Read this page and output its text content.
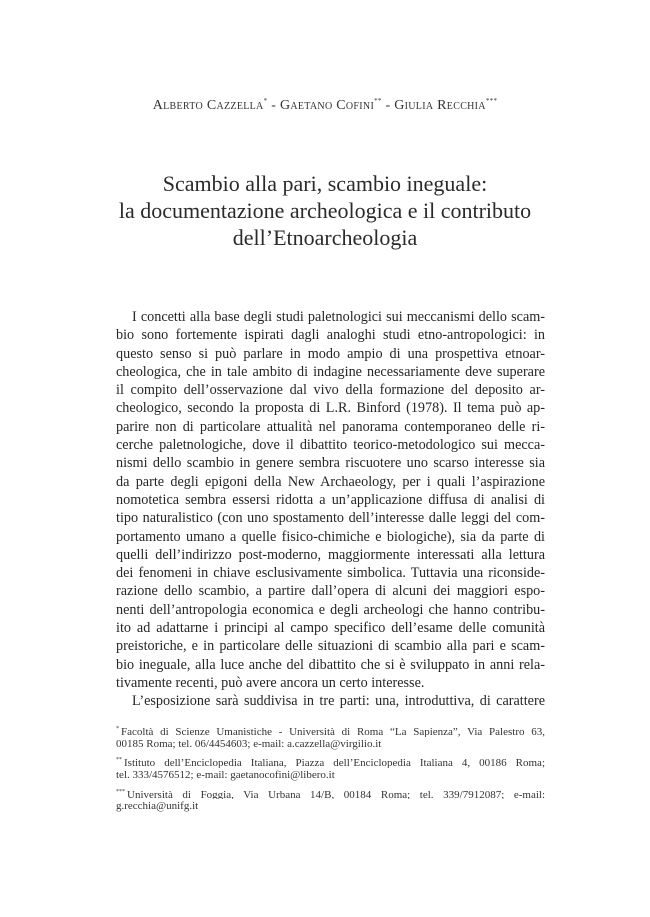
Alberto Cazzella* - Gaetano Cofini** - Giulia Recchia***
Scambio alla pari, scambio ineguale:
la documentazione archeologica e il contributo
dell’Etnoarcheologia
I concetti alla base degli studi paletnologici sui meccanismi dello scam-
bio sono fortemente ispirati dagli analoghi studi etno-antropologici: in
questo senso si può parlare in modo ampio di una prospettiva etnoar-
cheologica, che in tale ambito di indagine necessariamente deve superare
il compito dell’osservazione dal vivo della formazione del deposito ar-
cheologico, secondo la proposta di L.R. Binford (1978). Il tema può ap-
parire non di particolare attualità nel panorama contemporaneo delle ri-
cerche paletnologiche, dove il dibattito teorico-metodologico sui mecca-
nismi dello scambio in genere sembra riscuotere uno scarso interesse sia
da parte degli epigoni della New Archaeology, per i quali l’aspirazione
nomotetica sembra essersi ridotta a un’applicazione diffusa di analisi di
tipo naturalistico (con uno spostamento dell’interesse dalle leggi del com-
portamento umano a quelle fisico-chimiche e biologiche), sia da parte di
quelli dell’indirizzo post-moderno, maggiormente interessati alla lettura
dei fenomeni in chiave esclusivamente simbolica. Tuttavia una riconside-
razione dello scambio, a partire dall’opera di alcuni dei maggiori espo-
nenti dell’antropologia economica e degli archeologi che hanno contribu-
ito ad adattarne i principi al campo specifico dell’esame delle comunità
preistoriche, e in particolare delle situazioni di scambio alla pari e scam-
bio ineguale, alla luce anche del dibattito che si è sviluppato in anni rela-
tivamente recenti, può avere ancora un certo interesse.
L’esposizione sarà suddivisa in tre parti: una, introduttiva, di carattere
* Facoltà di Scienze Umanistiche - Università di Roma “La Sapienza”, Via Palestro 63,
00185 Roma; tel. 06/4454603; e-mail: a.cazzella@virgilio.it
** Istituto dell’Enciclopedia Italiana, Piazza dell’Enciclopedia Italiana 4, 00186 Roma;
tel. 333/4576512; e-mail: gaetanocofini@libero.it
*** Università di Foggia, Via Urbana 14/B, 00184 Roma; tel. 339/7912087; e-mail:
g.recchia@unifg.it
